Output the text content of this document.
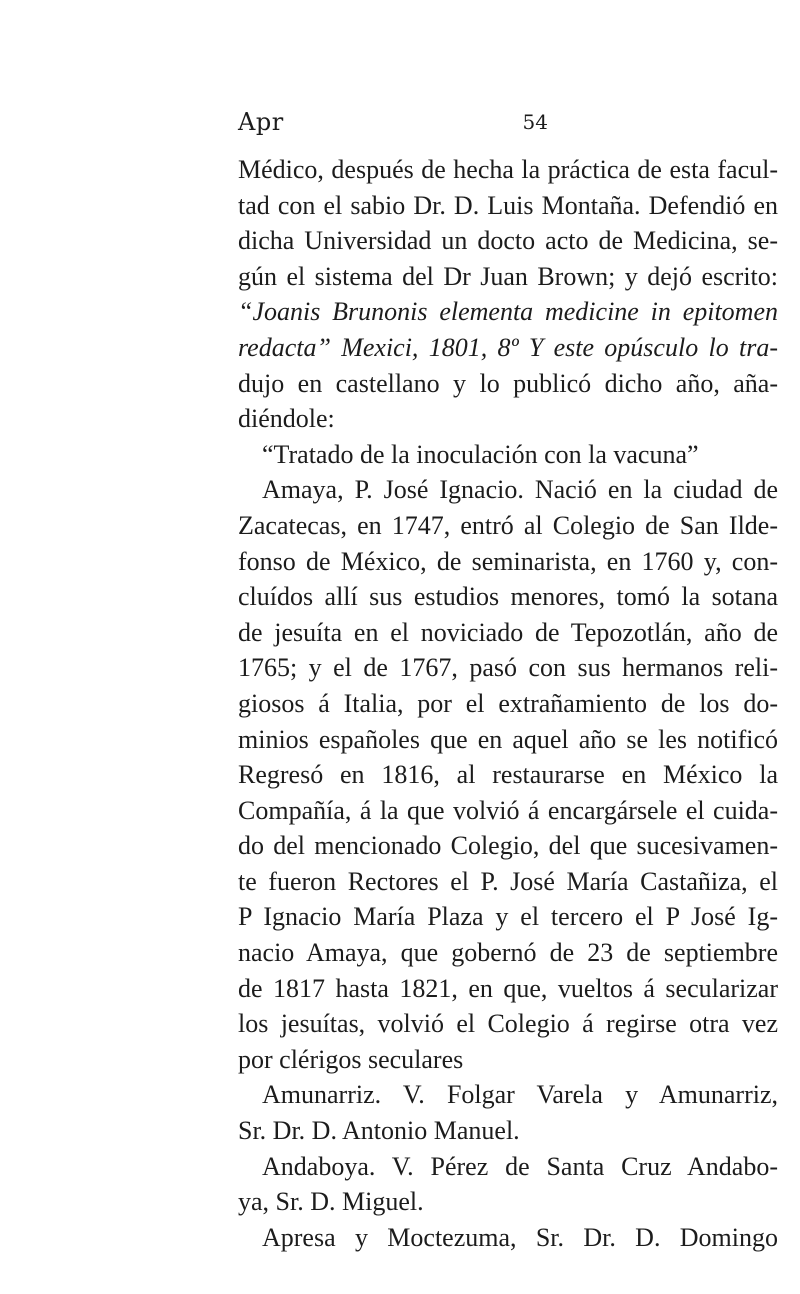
Apr	54
Médico, después de hecha la práctica de esta facul-
tad con el sabio Dr. D. Luis Montaña. Defendió en
dicha Universidad un docto acto de Medicina, se-
gún el sistema del Dr Juan Brown; y dejó escrito:
“Joanis Brunonis elementa medicine in epitomen
redacta” Mexici, 1801, 8º Y este opúsculo lo tra-
dujo en castellano y lo publicó dicho año, aña-
diéndole:
“Tratado de la inoculación con la vacuna”
Amaya, P. José Ignacio. Nació en la ciudad de
Zacatecas, en 1747, entró al Colegio de San Ilde-
fonso de México, de seminarista, en 1760 y, con-
cluídos allí sus estudios menores, tomó la sotana
de jesuíta en el noviciado de Tepozotlán, año de
1765; y el de 1767, pasó con sus hermanos reli-
giosos á Italia, por el extrañamiento de los do-
minios españoles que en aquel año se les notificó
Regresó en 1816, al restaurarse en México la
Compañía, á la que volvió á encargársele el cuida-
do del mencionado Colegio, del que sucesivamen-
te fueron Rectores el P. José María Castañiza, el
P Ignacio María Plaza y el tercero el P José Ig-
nacio Amaya, que gobernó de 23 de septiembre
de 1817 hasta 1821, en que, vueltos á secularizar
los jesuítas, volvió el Colegio á regirse otra vez
por clérigos seculares
Amunarriz. V. Folgar Varela y Amunarriz,
Sr. Dr. D. Antonio Manuel.
Andaboya. V. Pérez de Santa Cruz Andabo-
ya, Sr. D. Miguel.
Apresa y Moctezuma, Sr. Dr. D. Domingo
